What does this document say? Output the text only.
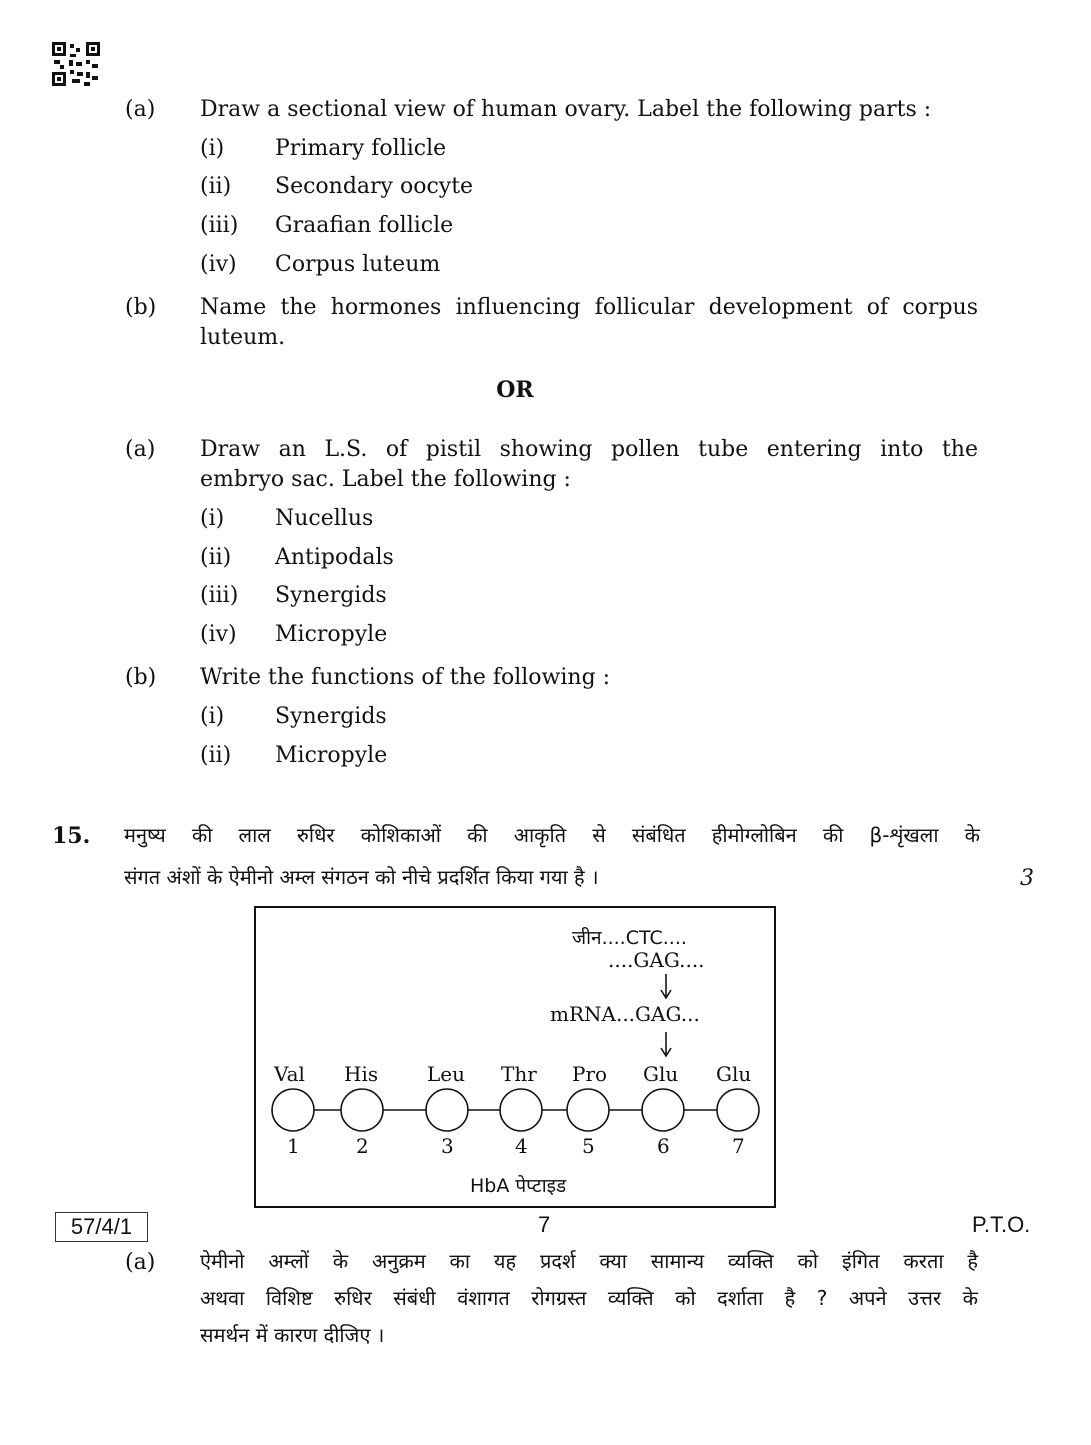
(a) Draw a sectional view of human ovary. Label the following parts :
(i) Primary follicle
(ii) Secondary oocyte
(iii) Graafian follicle
(iv) Corpus luteum
(b) Name the hormones influencing follicular development of corpus
luteum.
OR
(a) Draw an L.S. of pistil showing pollen tube entering into the
embryo sac. Label the following :
(i) Nucellus
(ii) Antipodals
(iii) Synergids
(iv) Micropyle
(b) Write the functions of the following :
(i) Synergids
(ii) Micropyle
15. मनुष्य की लाल रुधिर कोशिकाओं की आकृति से संबंधित हीमोग्लोबिन की β-शृंखला के
संगत अंशों के ऐमीनो अम्ल संगठन को नीचे प्रदर्शित किया गया है ।	3
जीन....CTC....
....GAG....
mRNA...GAG...
Val His Leu Thr Pro Glu Glu
1	2	3	4	5	6	7
HbA पेप्टाइड
(a) ऐमीनो अम्लों के अनुक्रम का यह प्रदर्श क्या सामान्य व्यक्ति को इंगित करता है
अथवा विशिष्ट रुधिर संबंधी वंशागत रोगग्रस्त व्यक्ति को दर्शाता है ? अपने उत्तर के
समर्थन में कारण दीजिए ।
57/4/1	7	P.T.O.
